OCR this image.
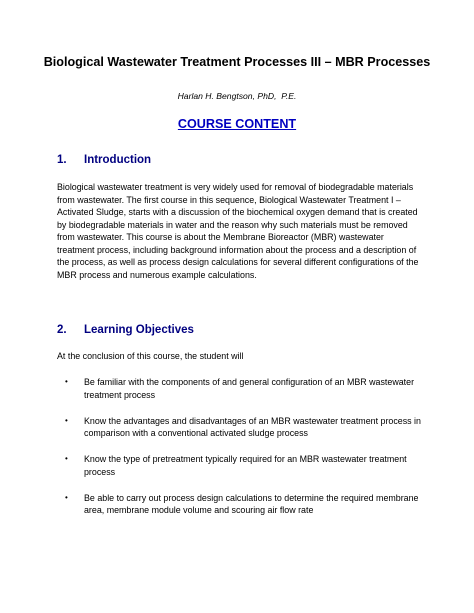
Biological Wastewater Treatment Processes III – MBR Processes
Harlan H. Bengtson, PhD,  P.E.
COURSE CONTENT
1. Introduction

Biological wastewater treatment is very widely used for removal of biodegradable materials from wastewater. The first course in this sequence, Biological Wastewater Treatment I – Activated Sludge, starts with a discussion of the biochemical oxygen demand that is created by biodegradable materials in water and the reason why such materials must be removed from wastewater. This course is about the Membrane Bioreactor (MBR) wastewater treatment process, including background information about the process and a description of the process, as well as process design calculations for several different configurations of the MBR process and numerous example calculations.

2. Learning Objectives

At the conclusion of this course, the student will

• Be familiar with the components of and general configuration of an MBR wastewater treatment process
• Know the advantages and disadvantages of an MBR wastewater treatment process in comparison with a conventional activated sludge process
• Know the type of pretreatment typically required for an MBR wastewater treatment process
• Be able to carry out process design calculations to determine the required membrane area, membrane module volume and scouring air flow rate
